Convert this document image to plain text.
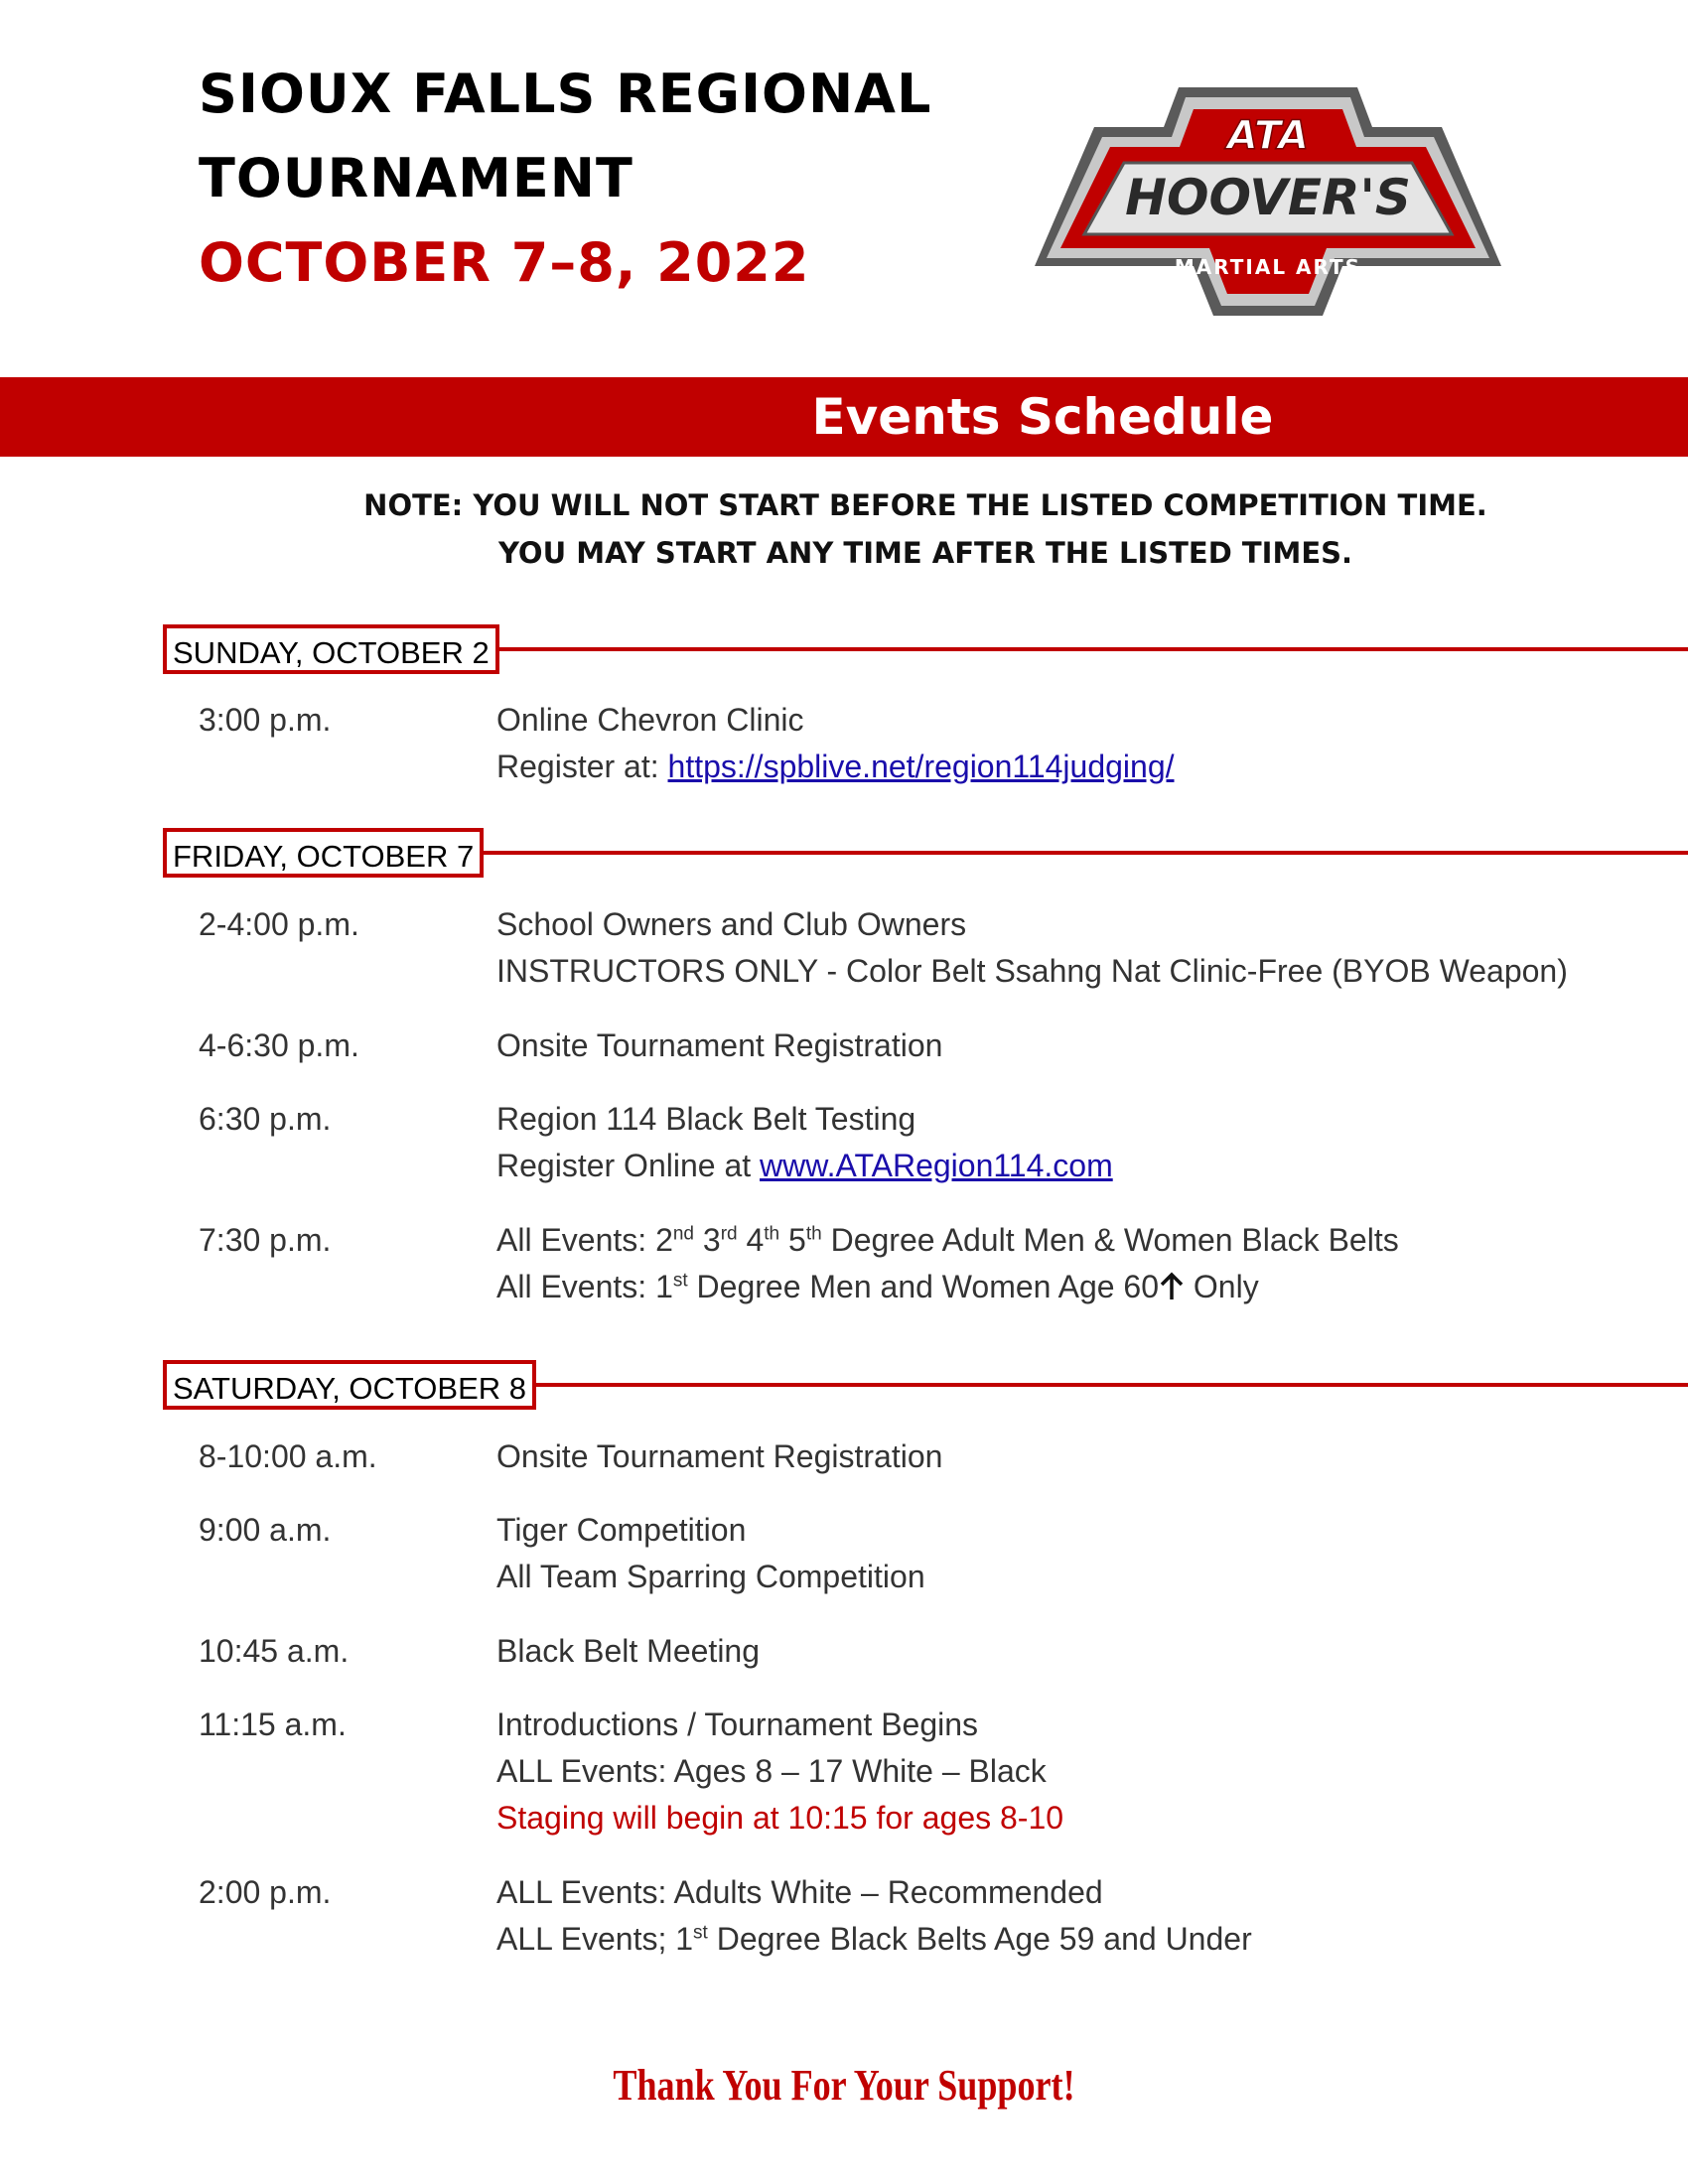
SIOUX FALLS REGIONAL
TOURNAMENT
OCTOBER 7–8, 2022
ATA
HOOVER'S
MARTIAL ARTS
Events Schedule

NOTE: YOU WILL NOT START BEFORE THE LISTED COMPETITION TIME.

YOU MAY START ANY TIME AFTER THE LISTED TIMES.

SUNDAY, OCTOBER 2
3:00 p.m.	Online Chevron Clinic
Register at: https://spblive.net/region114judging/
FRIDAY, OCTOBER 7
2-4:00 p.m.	School Owners and Club Owners
INSTRUCTORS ONLY - Color Belt Ssahng Nat Clinic-Free (BYOB Weapon)
4-6:30 p.m.	Onsite Tournament Registration
6:30 p.m.	Region 114 Black Belt Testing
Register Online at www.ATARegion114.com
7:30 p.m.	All Events: 2nd 3rd 4th 5th Degree Adult Men & Women Black Belts
All Events: 1st Degree Men and Women Age 60 Only
SATURDAY, OCTOBER 8
8-10:00 a.m.	Onsite Tournament Registration
9:00 a.m.	Tiger Competition
All Team Sparring Competition
10:45 a.m.	Black Belt Meeting
11:15 a.m.	Introductions / Tournament Begins
ALL Events: Ages 8 – 17 White – Black
Staging will begin at 10:15 for ages 8-10
2:00 p.m.	ALL Events: Adults White – Recommended
ALL Events; 1st Degree Black Belts Age 59 and Under

Thank You For Your Support!
